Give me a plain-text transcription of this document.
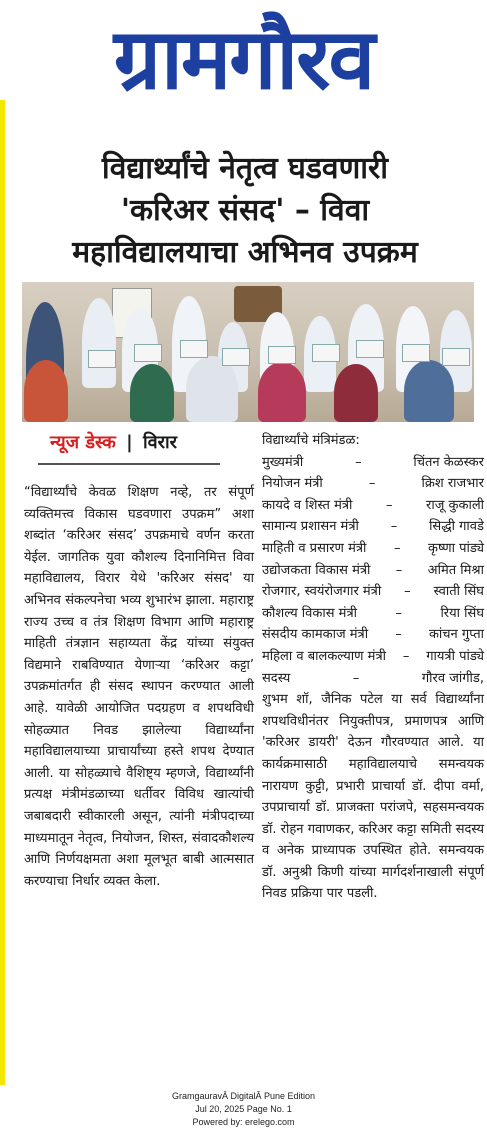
ग्रामगौरव
विद्यार्थ्यांचे नेतृत्व घडवणारी
'करिअर संसद' – विवा
महाविद्यालयाचा अभिनव उपक्रम
न्यूज डेस्क | विरार
“विद्यार्थ्यांचे केवळ शिक्षण नव्हे, तर संपूर्ण व्यक्तिमत्त्व विकास घडवणारा उपक्रम” अशा शब्दांत ‘करिअर संसद’ उपक्रमाचे वर्णन करता येईल. जागतिक युवा कौशल्य दिनानिमित्त विवा महाविद्यालय, विरार येथे 'करिअर संसद' या अभिनव संकल्पनेचा भव्य शुभारंभ झाला. महाराष्ट्र राज्य उच्च व तंत्र शिक्षण विभाग आणि महाराष्ट्र माहिती तंत्रज्ञान सहाय्यता केंद्र यांच्या संयुक्त विद्यमाने राबविण्यात येणाऱ्या ‘करिअर कट्टा’ उपक्रमांतर्गत ही संसद स्थापन करण्यात आली आहे. यावेळी आयोजित पदग्रहण व शपथविधी सोहळ्यात निवड झालेल्या विद्यार्थ्यांना महाविद्यालयाच्या प्राचार्यांच्या हस्ते शपथ देण्यात आली. या सोहळ्याचे वैशिष्ट्य म्हणजे, विद्यार्थ्यांनी प्रत्यक्ष मंत्रीमंडळाच्या धर्तीवर विविध खात्यांची जबाबदारी स्वीकारली असून, त्यांनी मंत्रीपदाच्या माध्यमातून नेतृत्व, नियोजन, शिस्त, संवादकौशल्य आणि निर्णयक्षमता अशा मूलभूत बाबी आत्मसात करण्याचा निर्धार व्यक्त केला.
विद्यार्थ्यांचे मंत्रिमंडळ:
मुख्यमंत्री	–	चिंतन केळस्कर
नियोजन मंत्री	–	क्रिश राजभार
कायदे व शिस्त मंत्री	–	राजू कुकाली
सामान्य प्रशासन मंत्री – सिद्धी गावडे
माहिती व प्रसारण मंत्री – कृष्णा पांड्ये
उद्योजकता विकास मंत्री – अमित मिश्रा
रोजगार, स्वयंरोजगार मंत्री – स्वाती सिंघ
कौशल्य विकास मंत्री	–	रिया सिंघ
संसदीय कामकाज मंत्री – कांचन गुप्ता
महिला व बालकल्याण मंत्री – गायत्री पांड्ये
सदस्य	–	गौरव जांगीड,
शुभम शॉ, जैनिक पटेल या सर्व विद्यार्थ्यांना शपथविधीनंतर नियुक्तीपत्र, प्रमाणपत्र आणि 'करिअर डायरी' देऊन गौरवण्यात आले. या कार्यक्रमासाठी महाविद्यालयाचे समन्वयक नारायण कुट्टी, प्रभारी प्राचार्या डॉ. दीपा वर्मा, उपप्राचार्या डॉ. प्राजक्ता परांजपे, सहसमन्वयक डॉ. रोहन गवाणकर, करिअर कट्टा समिती सदस्य व अनेक प्राध्यापक उपस्थित होते. समन्वयक डॉ. अनुश्री किणी यांच्या मार्गदर्शनाखाली संपूर्ण निवड प्रक्रिया पार पडली.
GramgauravÂ DigitalÂ Pune Edition
Jul 20, 2025 Page No. 1
Powered by: erelego.com
